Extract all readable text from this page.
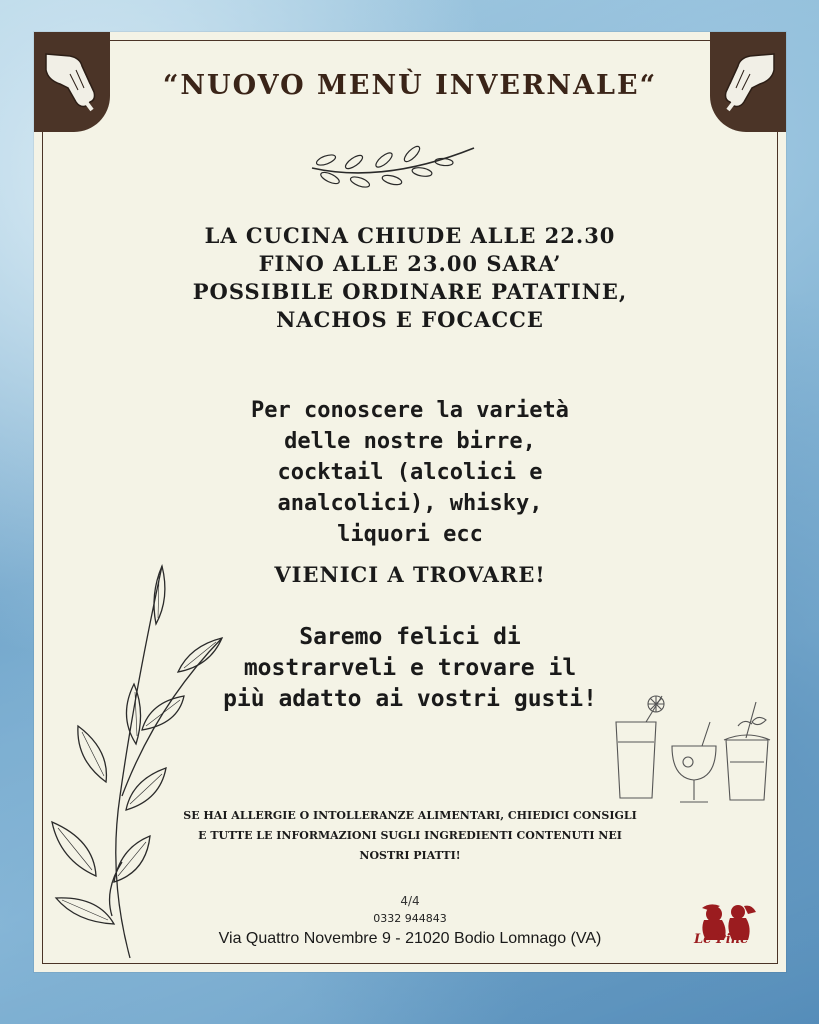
“NUOVO MENÙ INVERNALE“
LA CUCINA CHIUDE ALLE 22.30
FINO ALLE 23.00 SARA’
POSSIBILE ORDINARE PATATINE,
NACHOS E FOCACCE
Per conoscere la varietà
delle nostre birre,
cocktail (alcolici e
analcolici), whisky,
liquori ecc
VIENICI A TROVARE!
Saremo felici di
mostrarveli e trovare il
più adatto ai vostri gusti!
SE HAI ALLERGIE O INTOLLERANZE ALIMENTARI, CHIEDICI CONSIGLI
E TUTTE LE INFORMAZIONI SUGLI INGREDIENTI CONTENUTI NEI
NOSTRI PIATTI!
4/4
0332 944843
Via Quattro Novembre 9 - 21020 Bodio Lomnago (VA)	Le Pine
